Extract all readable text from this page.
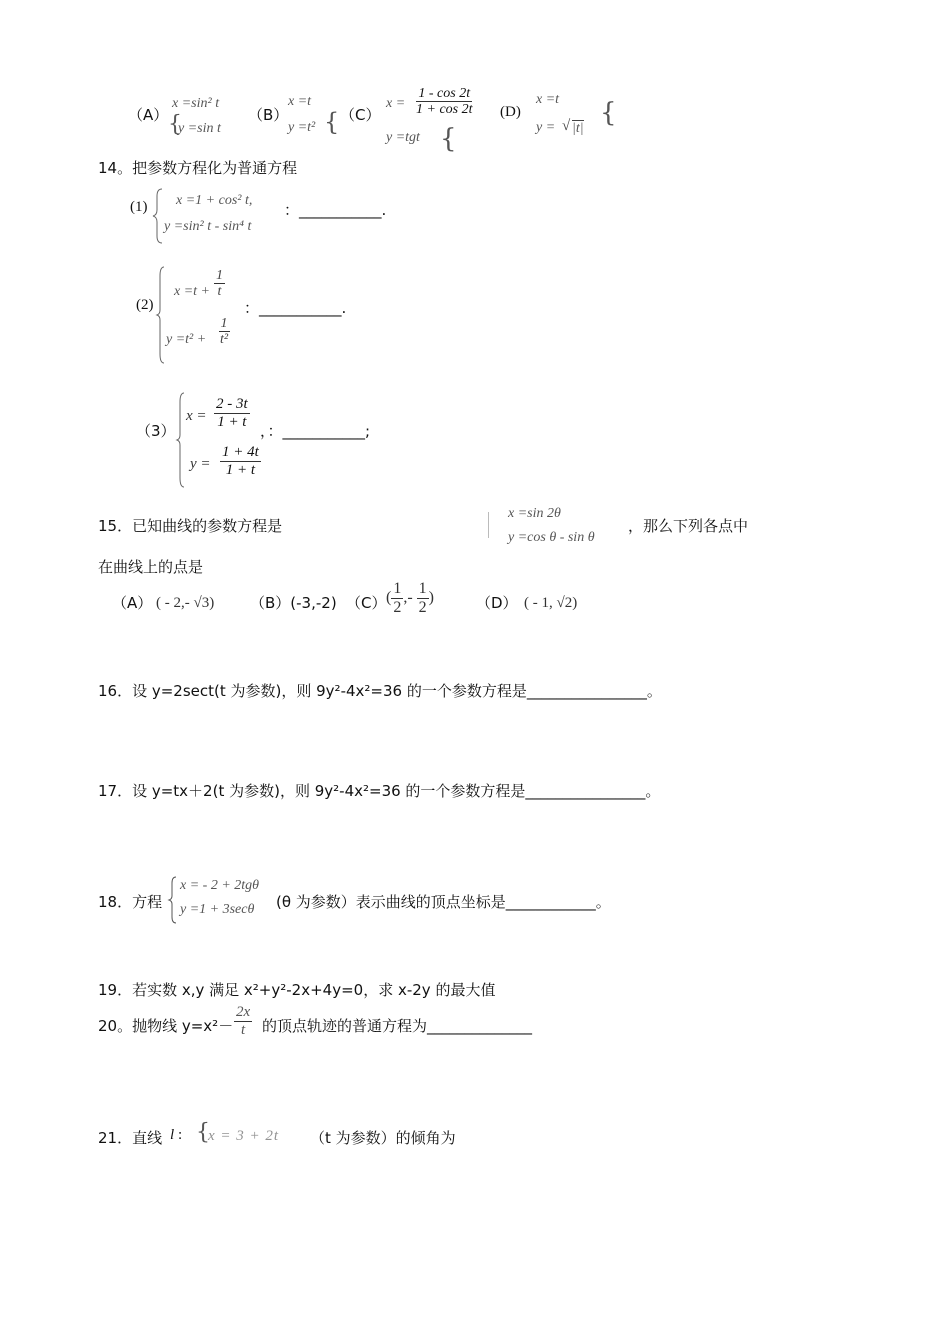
（A）
x =sin² t
{
y =sin t
（B）
x =t
y =t² { （C）
$x = \frac{1 - \cos 2t}{1 + \cos 2t}$
y =tgt {
(D)
x =t
y = √ |t|
{
14。把参数方程化为普通方程
(1) x =1 + cos² t,
y =sin² t - sin⁴ t
：___________.
(2)
$x =t + \frac{1}{t}$
$y =t^2 + \frac{1}{\text{t²}}$
：___________.
（3）
$x = \frac{2 - 3t}{1 + t}$
$y = \frac{1 + 4t}{1 + t}$
，：___________;
15．已知曲线的参数方程是
x =sin 2θ
y =cos θ - sin θ
，那么下列各点中
在曲线上的点是
（A） ( - 2,- √3) （B）(-3,-2) （C） ( $\frac{1}{2}$ ,- $\frac{1}{2}$ )	（D） ( - 1, √2)
16．设 y=2sect(t 为参数)，则 9y²-4x²=36 的一个参数方程是________________。
17．设 y=tx＋2(t 为参数)，则 9y²-4x²=36 的一个参数方程是________________。
18．方程
x = - 2 + 2tgθ
y =1 + 3secθ (θ 为参数）表示曲线的顶点坐标是____________。
19．若实数 x,y 满足 x²+y²-2x+4y=0，求 x-2y 的最大值
20。抛物线 $y=x^2- \frac{2x}{t}$ 的顶点轨迹的普通方程为______________
21．直线 l : {
x = 3 + 2t （t 为参数）的倾角为
